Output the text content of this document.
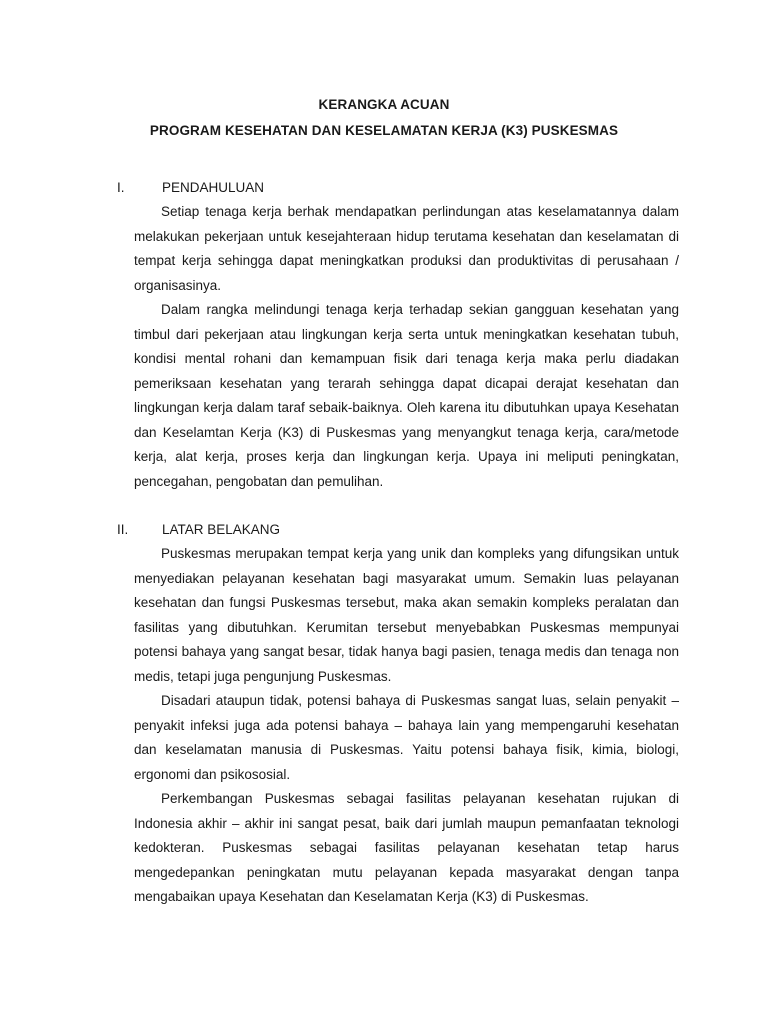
KERANGKA ACUAN
PROGRAM KESEHATAN DAN KESELAMATAN KERJA (K3) PUSKESMAS
I.	PENDAHULUAN

Setiap tenaga kerja berhak mendapatkan perlindungan atas keselamatannya dalam melakukan pekerjaan untuk kesejahteraan hidup terutama kesehatan dan keselamatan di tempat kerja sehingga dapat meningkatkan produksi dan produktivitas di perusahaan / organisasinya.

Dalam rangka melindungi tenaga kerja terhadap sekian gangguan kesehatan yang timbul dari pekerjaan atau lingkungan kerja serta untuk meningkatkan kesehatan tubuh, kondisi mental rohani dan kemampuan fisik dari tenaga kerja maka perlu diadakan pemeriksaan kesehatan yang terarah sehingga dapat dicapai derajat kesehatan dan lingkungan kerja dalam taraf sebaik-baiknya. Oleh karena itu dibutuhkan upaya Kesehatan dan Keselamtan Kerja (K3) di Puskesmas yang menyangkut tenaga kerja, cara/metode kerja, alat kerja, proses kerja dan lingkungan kerja. Upaya ini meliputi peningkatan, pencegahan, pengobatan dan pemulihan.

II. LATAR BELAKANG

Puskesmas merupakan tempat kerja yang unik dan kompleks yang difungsikan untuk menyediakan pelayanan kesehatan bagi masyarakat umum. Semakin luas pelayanan kesehatan dan fungsi Puskesmas tersebut, maka akan semakin kompleks peralatan dan fasilitas yang dibutuhkan. Kerumitan tersebut menyebabkan Puskesmas mempunyai potensi bahaya yang sangat besar, tidak hanya bagi pasien, tenaga medis dan tenaga non medis, tetapi juga pengunjung Puskesmas.

Disadari ataupun tidak, potensi bahaya di Puskesmas sangat luas, selain penyakit – penyakit infeksi juga ada potensi bahaya – bahaya lain yang mempengaruhi kesehatan dan keselamatan manusia di Puskesmas. Yaitu potensi bahaya fisik, kimia, biologi, ergonomi dan psikososial.

Perkembangan Puskesmas sebagai fasilitas pelayanan kesehatan rujukan di Indonesia akhir – akhir ini sangat pesat, baik dari jumlah maupun pemanfaatan teknologi kedokteran. Puskesmas sebagai fasilitas pelayanan kesehatan tetap harus mengedepankan peningkatan mutu pelayanan kepada masyarakat dengan tanpa mengabaikan upaya Kesehatan dan Keselamatan Kerja (K3) di Puskesmas.
